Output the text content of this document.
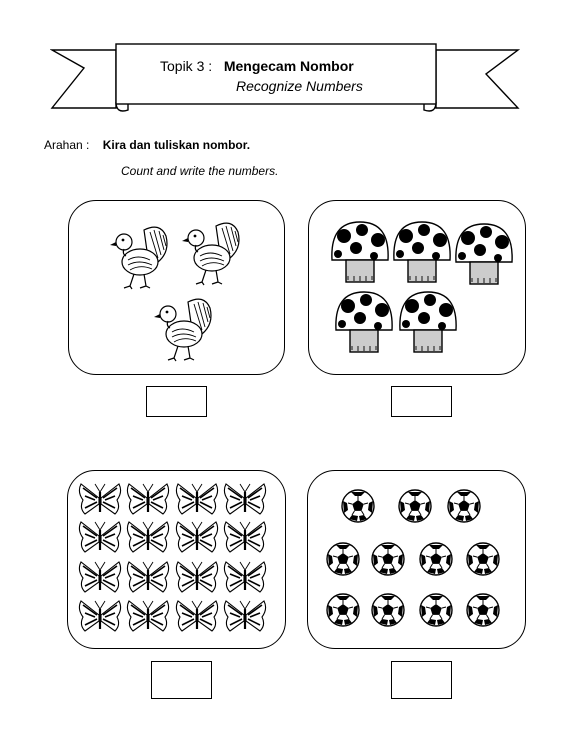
Topik 3 : Mengecam Nombor
Recognize Numbers
Arahan : Kira dan tuliskan nombor.
Count and write the numbers.
